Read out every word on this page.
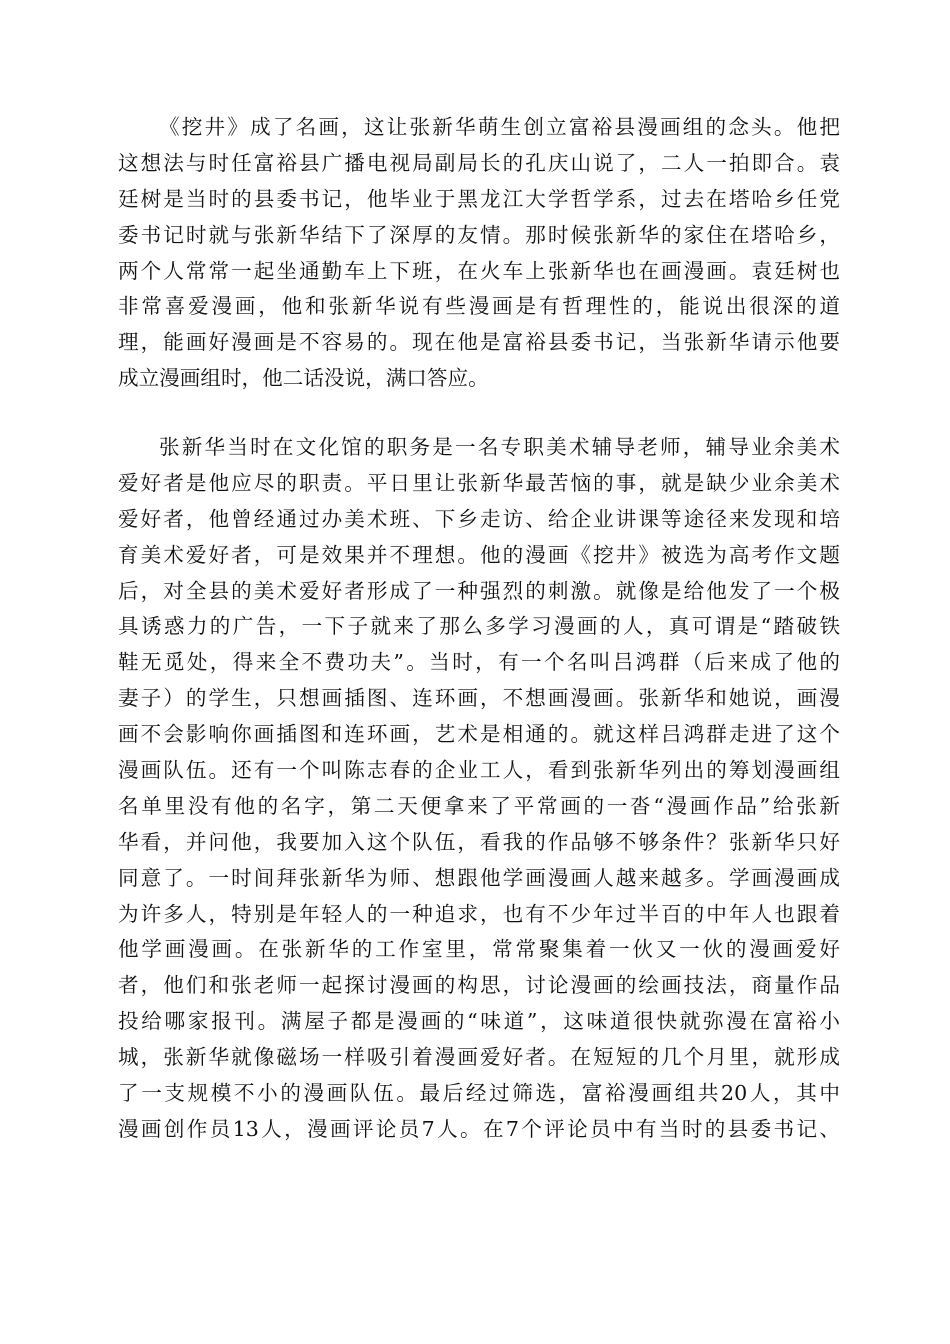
《挖井》成了名画，这让张新华萌生创立富裕县漫画组的念头。他把
这想法与时任富裕县广播电视局副局长的孔庆山说了，二人一拍即合。袁
廷树是当时的县委书记，他毕业于黑龙江大学哲学系，过去在塔哈乡任党
委书记时就与张新华结下了深厚的友情。那时候张新华的家住在塔哈乡，
两个人常常一起坐通勤车上下班，在火车上张新华也在画漫画。袁廷树也
非常喜爱漫画，他和张新华说有些漫画是有哲理性的，能说出很深的道
理，能画好漫画是不容易的。现在他是富裕县委书记，当张新华请示他要
成立漫画组时，他二话没说，满口答应。
张新华当时在文化馆的职务是一名专职美术辅导老师，辅导业余美术
爱好者是他应尽的职责。平日里让张新华最苦恼的事，就是缺少业余美术
爱好者，他曾经通过办美术班、下乡走访、给企业讲课等途径来发现和培
育美术爱好者，可是效果并不理想。他的漫画《挖井》被选为高考作文题
后，对全县的美术爱好者形成了一种强烈的刺激。就像是给他发了一个极
具诱惑力的广告，一下子就来了那么多学习漫画的人，真可谓是“踏破铁
鞋无觅处，得来全不费功夫”。当时，有一个名叫吕鸿群（后来成了他的
妻子）的学生，只想画插图、连环画，不想画漫画。张新华和她说，画漫
画不会影响你画插图和连环画，艺术是相通的。就这样吕鸿群走进了这个
漫画队伍。还有一个叫陈志春的企业工人，看到张新华列出的筹划漫画组
名单里没有他的名字，第二天便拿来了平常画的一沓“漫画作品”给张新
华看，并问他，我要加入这个队伍，看我的作品够不够条件？张新华只好
同意了。一时间拜张新华为师、想跟他学画漫画人越来越多。学画漫画成
为许多人，特别是年轻人的一种追求，也有不少年过半百的中年人也跟着
他学画漫画。在张新华的工作室里，常常聚集着一伙又一伙的漫画爱好
者，他们和张老师一起探讨漫画的构思，讨论漫画的绘画技法，商量作品
投给哪家报刊。满屋子都是漫画的“味道”，这味道很快就弥漫在富裕小
城，张新华就像磁场一样吸引着漫画爱好者。在短短的几个月里，就形成
了一支规模不小的漫画队伍。最后经过筛选，富裕漫画组共20人，其中
漫画创作员13人，漫画评论员7人。在7个评论员中有当时的县委书记、
